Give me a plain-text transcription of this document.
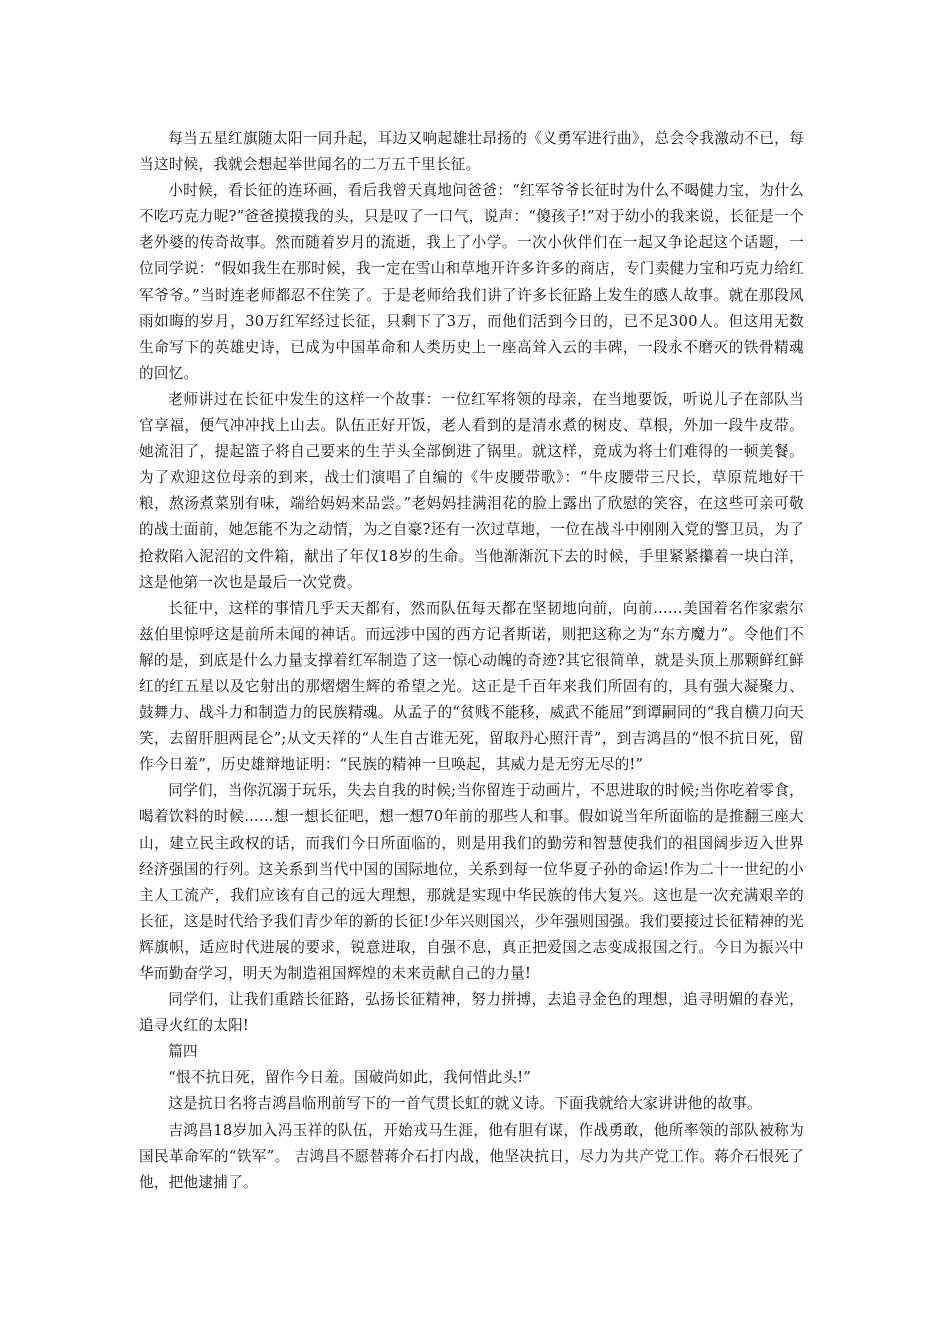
每当五星红旗随太阳一同升起，耳边又响起雄壮昂扬的《义勇军进行曲》，总会令我激动不已，每当这时候，我就会想起举世闻名的二万五千里长征。

小时候，看长征的连环画，看后我曾天真地问爸爸：“红军爷爷长征时为什么不喝健力宝，为什么不吃巧克力呢?”爸爸摸摸我的头，只是叹了一口气，说声：“傻孩子!”对于幼小的我来说，长征是一个老外婆的传奇故事。然而随着岁月的流逝，我上了小学。一次小伙伴们在一起又争论起这个话题，一位同学说：“假如我生在那时候，我一定在雪山和草地开许多许多的商店，专门卖健力宝和巧克力给红军爷爷。”当时连老师都忍不住笑了。于是老师给我们讲了许多长征路上发生的感人故事。就在那段风雨如晦的岁月，30万红军经过长征，只剩下了3万，而他们活到今日的，已不足300人。但这用无数生命写下的英雄史诗，已成为中国革命和人类历史上一座高耸入云的丰碑，一段永不磨灭的铁骨精魂的回忆。

老师讲过在长征中发生的这样一个故事：一位红军将领的母亲，在当地要饭，听说儿子在部队当官享福，便气冲冲找上山去。队伍正好开饭，老人看到的是清水煮的树皮、草根，外加一段牛皮带。她流泪了，提起篮子将自己要来的生芋头全部倒进了锅里。就这样，竟成为将士们难得的一顿美餐。为了欢迎这位母亲的到来，战士们演唱了自编的《牛皮腰带歌》：“牛皮腰带三尺长，草原荒地好干粮，熬汤煮菜别有味，端给妈妈来品尝。”老妈妈挂满泪花的脸上露出了欣慰的笑容，在这些可亲可敬的战士面前，她怎能不为之动情，为之自豪?还有一次过草地，一位在战斗中刚刚入党的警卫员，为了抢救陷入泥沼的文件箱，献出了年仅18岁的生命。当他渐渐沉下去的时候，手里紧紧攥着一块白洋，这是他第一次也是最后一次党费。

长征中，这样的事情几乎天天都有，然而队伍每天都在坚韧地向前，向前……美国着名作家索尔兹伯里惊呼这是前所未闻的神话。而远涉中国的西方记者斯诺，则把这称之为“东方魔力”。令他们不解的是，到底是什么力量支撑着红军制造了这一惊心动魄的奇迹?其它很简单，就是头顶上那颗鲜红鲜红的红五星以及它射出的那熠熠生辉的希望之光。这正是千百年来我们所固有的，具有强大凝聚力、鼓舞力、战斗力和制造力的民族精魂。从孟子的“贫贱不能移，威武不能屈”到谭嗣同的“我自横刀向天笑，去留肝胆两昆仑”;从文天祥的“人生自古谁无死，留取丹心照汗青”，到吉鸿昌的“恨不抗日死，留作今日羞”，历史雄辩地证明：“民族的精神一旦唤起，其威力是无穷无尽的!”

同学们，当你沉溺于玩乐，失去自我的时候;当你留连于动画片，不思进取的时候;当你吃着零食，喝着饮料的时候……想一想长征吧，想一想70年前的那些人和事。假如说当年所面临的是推翻三座大山，建立民主政权的话，而我们今日所面临的，则是用我们的勤劳和智慧使我们的祖国阔步迈入世界经济强国的行列。这关系到当代中国的国际地位，关系到每一位华夏子孙的命运!作为二十一世纪的小主人工流产，我们应该有自己的远大理想，那就是实现中华民族的伟大复兴。这也是一次充满艰辛的长征，这是时代给予我们青少年的新的长征!少年兴则国兴，少年强则国强。我们要接过长征精神的光辉旗帜，适应时代进展的要求，锐意进取，自强不息，真正把爱国之志变成报国之行。今日为振兴中华而勤奋学习，明天为制造祖国辉煌的未来贡献自己的力量!

同学们，让我们重踏长征路，弘扬长征精神，努力拼搏，去追寻金色的理想，追寻明媚的春光，追寻火红的太阳!

篇四

“恨不抗日死，留作今日羞。国破尚如此，我何惜此头!”

这是抗日名将吉鸿昌临刑前写下的一首气贯长虹的就义诗。下面我就给大家讲讲他的故事。

吉鸿昌18岁加入冯玉祥的队伍，开始戎马生涯，他有胆有谋，作战勇敢，他所率领的部队被称为国民革命军的“铁军”。 吉鸿昌不愿替蒋介石打内战，他坚决抗日，尽力为共产党工作。蒋介石恨死了他，把他逮捕了。
